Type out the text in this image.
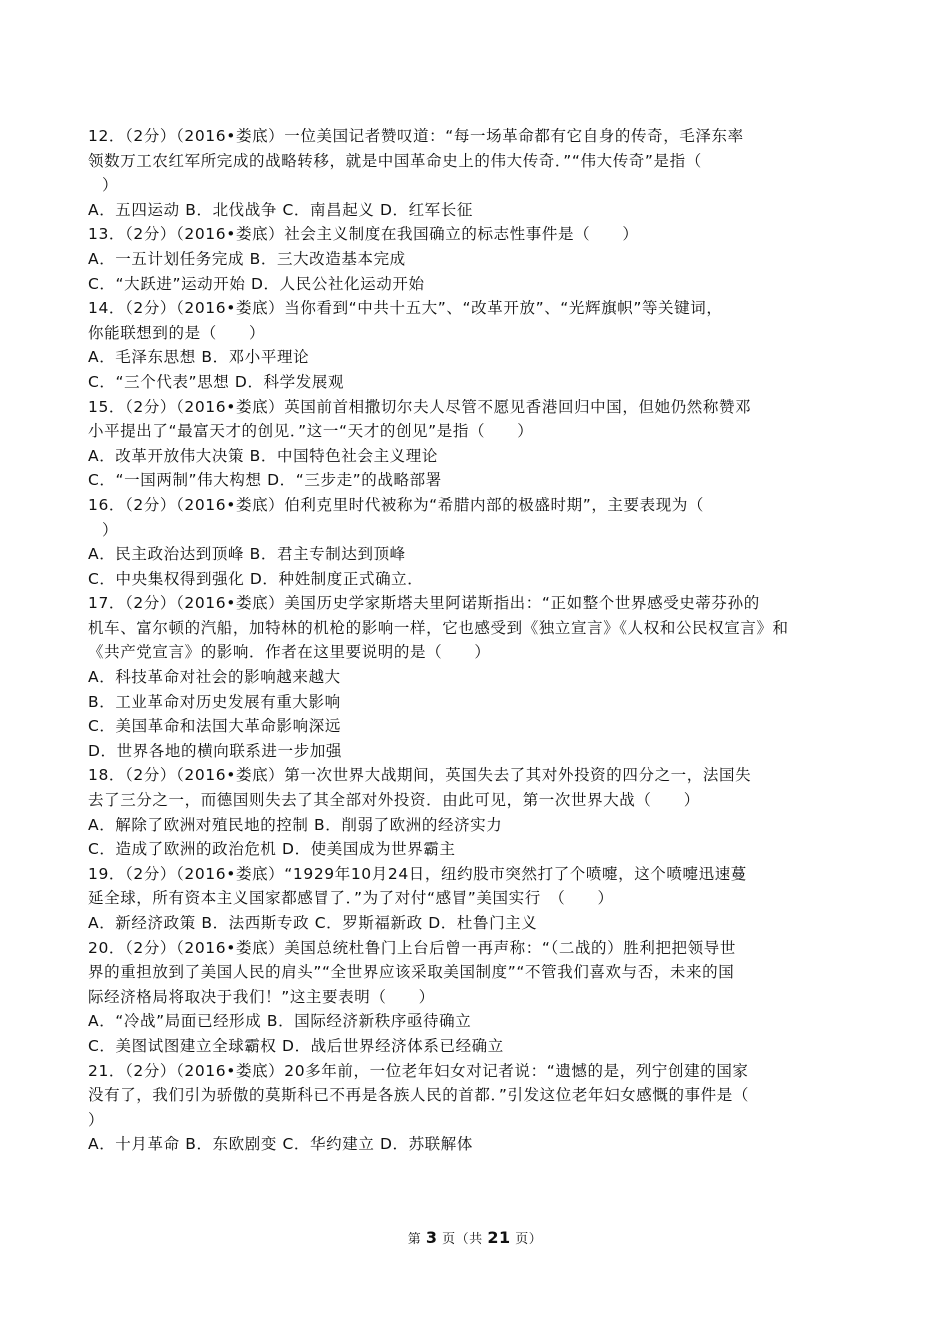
12．（2分）（2016•娄底）一位美国记者赞叹道：“每一场革命都有它自身的传奇，毛泽东率
领数万工农红军所完成的战略转移，就是中国革命史上的伟大传奇．”“伟大传奇”是指（
）
A．五四运动 B．北伐战争 C．南昌起义 D．红军长征
13．（2分）（2016•娄底）社会主义制度在我国确立的标志性事件是（　　）
A．一五计划任务完成 B．三大改造基本完成
C．“大跃进”运动开始 D．人民公社化运动开始
14．（2分）（2016•娄底）当你看到“中共十五大”、“改革开放”、“光辉旗帜”等关键词，
你能联想到的是（　　）
A．毛泽东思想 B．邓小平理论
C．“三个代表”思想 D．科学发展观
15．（2分）（2016•娄底）英国前首相撒切尔夫人尽管不愿见香港回归中国，但她仍然称赞邓
小平提出了“最富天才的创见．”这一“天才的创见”是指（　　）
A．改革开放伟大决策 B．中国特色社会主义理论
C．“一国两制”伟大构想 D．“三步走”的战略部署
16．（2分）（2016•娄底）伯利克里时代被称为“希腊内部的极盛时期”，主要表现为（
）
A．民主政治达到顶峰 B．君主专制达到顶峰
C．中央集权得到强化 D．种姓制度正式确立．
17．（2分）（2016•娄底）美国历史学家斯塔夫里阿诺斯指出：“正如整个世界感受史蒂芬孙的
机车、富尔顿的汽船，加特林的机枪的影响一样，它也感受到《独立宣言》《人权和公民权宣言》和
《共产党宣言》的影响．作者在这里要说明的是（　　）
A．科技革命对社会的影响越来越大
B．工业革命对历史发展有重大影响
C．美国革命和法国大革命影响深远
D．世界各地的横向联系进一步加强
18．（2分）（2016•娄底）第一次世界大战期间，英国失去了其对外投资的四分之一，法国失
去了三分之一，而德国则失去了其全部对外投资．由此可见，第一次世界大战（　　）
A．解除了欧洲对殖民地的控制 B．削弱了欧洲的经济实力
C．造成了欧洲的政治危机 D．使美国成为世界霸主
19．（2分）（2016•娄底）“1929年10月24日，纽约股市突然打了个喷嚏，这个喷嚏迅速蔓
延全球，所有资本主义国家都感冒了．”为了对付“感冒”美国实行　（　　）
A．新经济政策 B．法西斯专政 C．罗斯福新政 D．杜鲁门主义
20．（2分）（2016•娄底）美国总统杜鲁门上台后曾一再声称：“（二战的）胜利把把领导世
界的重担放到了美国人民的肩头”“全世界应该采取美国制度”“不管我们喜欢与否，未来的国
际经济格局将取决于我们！”这主要表明（　　）
A．“冷战”局面已经形成 B．国际经济新秩序亟待确立
C．美图试图建立全球霸权 D．战后世界经济体系已经确立
21．（2分）（2016•娄底）20多年前，一位老年妇女对记者说：“遗憾的是，列宁创建的国家
没有了，我们引为骄傲的莫斯科已不再是各族人民的首都．”引发这位老年妇女感慨的事件是（
）
A．十月革命 B．东欧剧变 C．华约建立 D．苏联解体
第 3 页（共 21 页）
